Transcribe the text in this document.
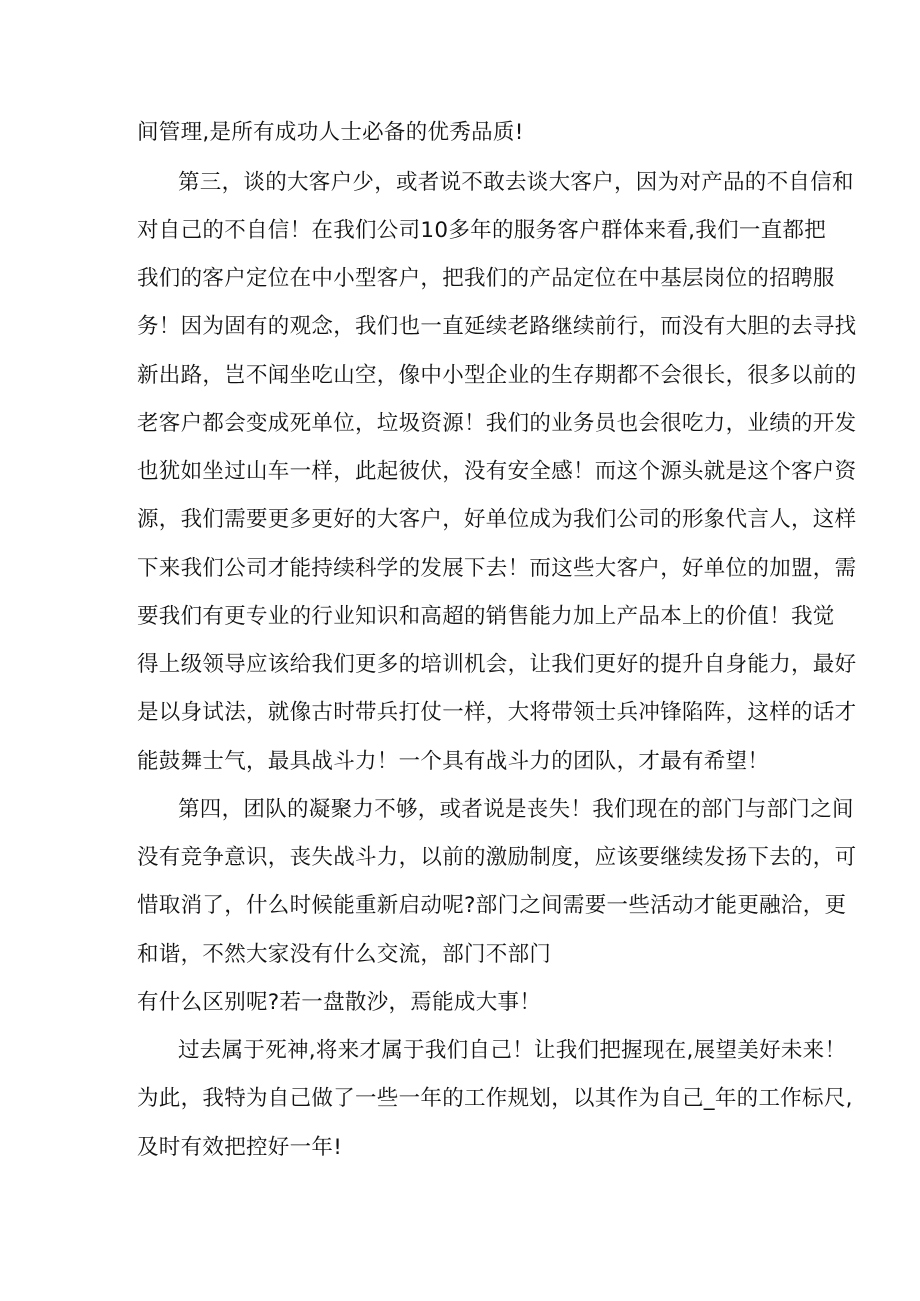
间管理,是所有成功人士必备的优秀品质!
第三，谈的大客户少，或者说不敢去谈大客户，因为对产品的不自信和
对自己的不自信！在我们公司10多年的服务客户群体来看,我们一直都把
我们的客户定位在中小型客户，把我们的产品定位在中基层岗位的招聘服
务！因为固有的观念，我们也一直延续老路继续前行，而没有大胆的去寻找
新出路，岂不闻坐吃山空，像中小型企业的生存期都不会很长，很多以前的
老客户都会变成死单位，垃圾资源！我们的业务员也会很吃力，业绩的开发
也犹如坐过山车一样，此起彼伏，没有安全感！而这个源头就是这个客户资
源，我们需要更多更好的大客户，好单位成为我们公司的形象代言人，这样
下来我们公司才能持续科学的发展下去！而这些大客户，好单位的加盟，需
要我们有更专业的行业知识和高超的销售能力加上产品本上的价值！我觉
得上级领导应该给我们更多的培训机会，让我们更好的提升自身能力，最好
是以身试法，就像古时带兵打仗一样，大将带领士兵冲锋陷阵，这样的话才
能鼓舞士气，最具战斗力！一个具有战斗力的团队，才最有希望！
第四，团队的凝聚力不够，或者说是丧失！我们现在的部门与部门之间
没有竞争意识，丧失战斗力，以前的激励制度，应该要继续发扬下去的，可
惜取消了，什么时候能重新启动呢?部门之间需要一些活动才能更融洽，更
和谐，不然大家没有什么交流，部门不部门
有什么区别呢?若一盘散沙，焉能成大事！
过去属于死神,将来才属于我们自己！让我们把握现在,展望美好未来！
为此，我特为自己做了一些一年的工作规划，以其作为自己_年的工作标尺,
及时有效把控好一年!
